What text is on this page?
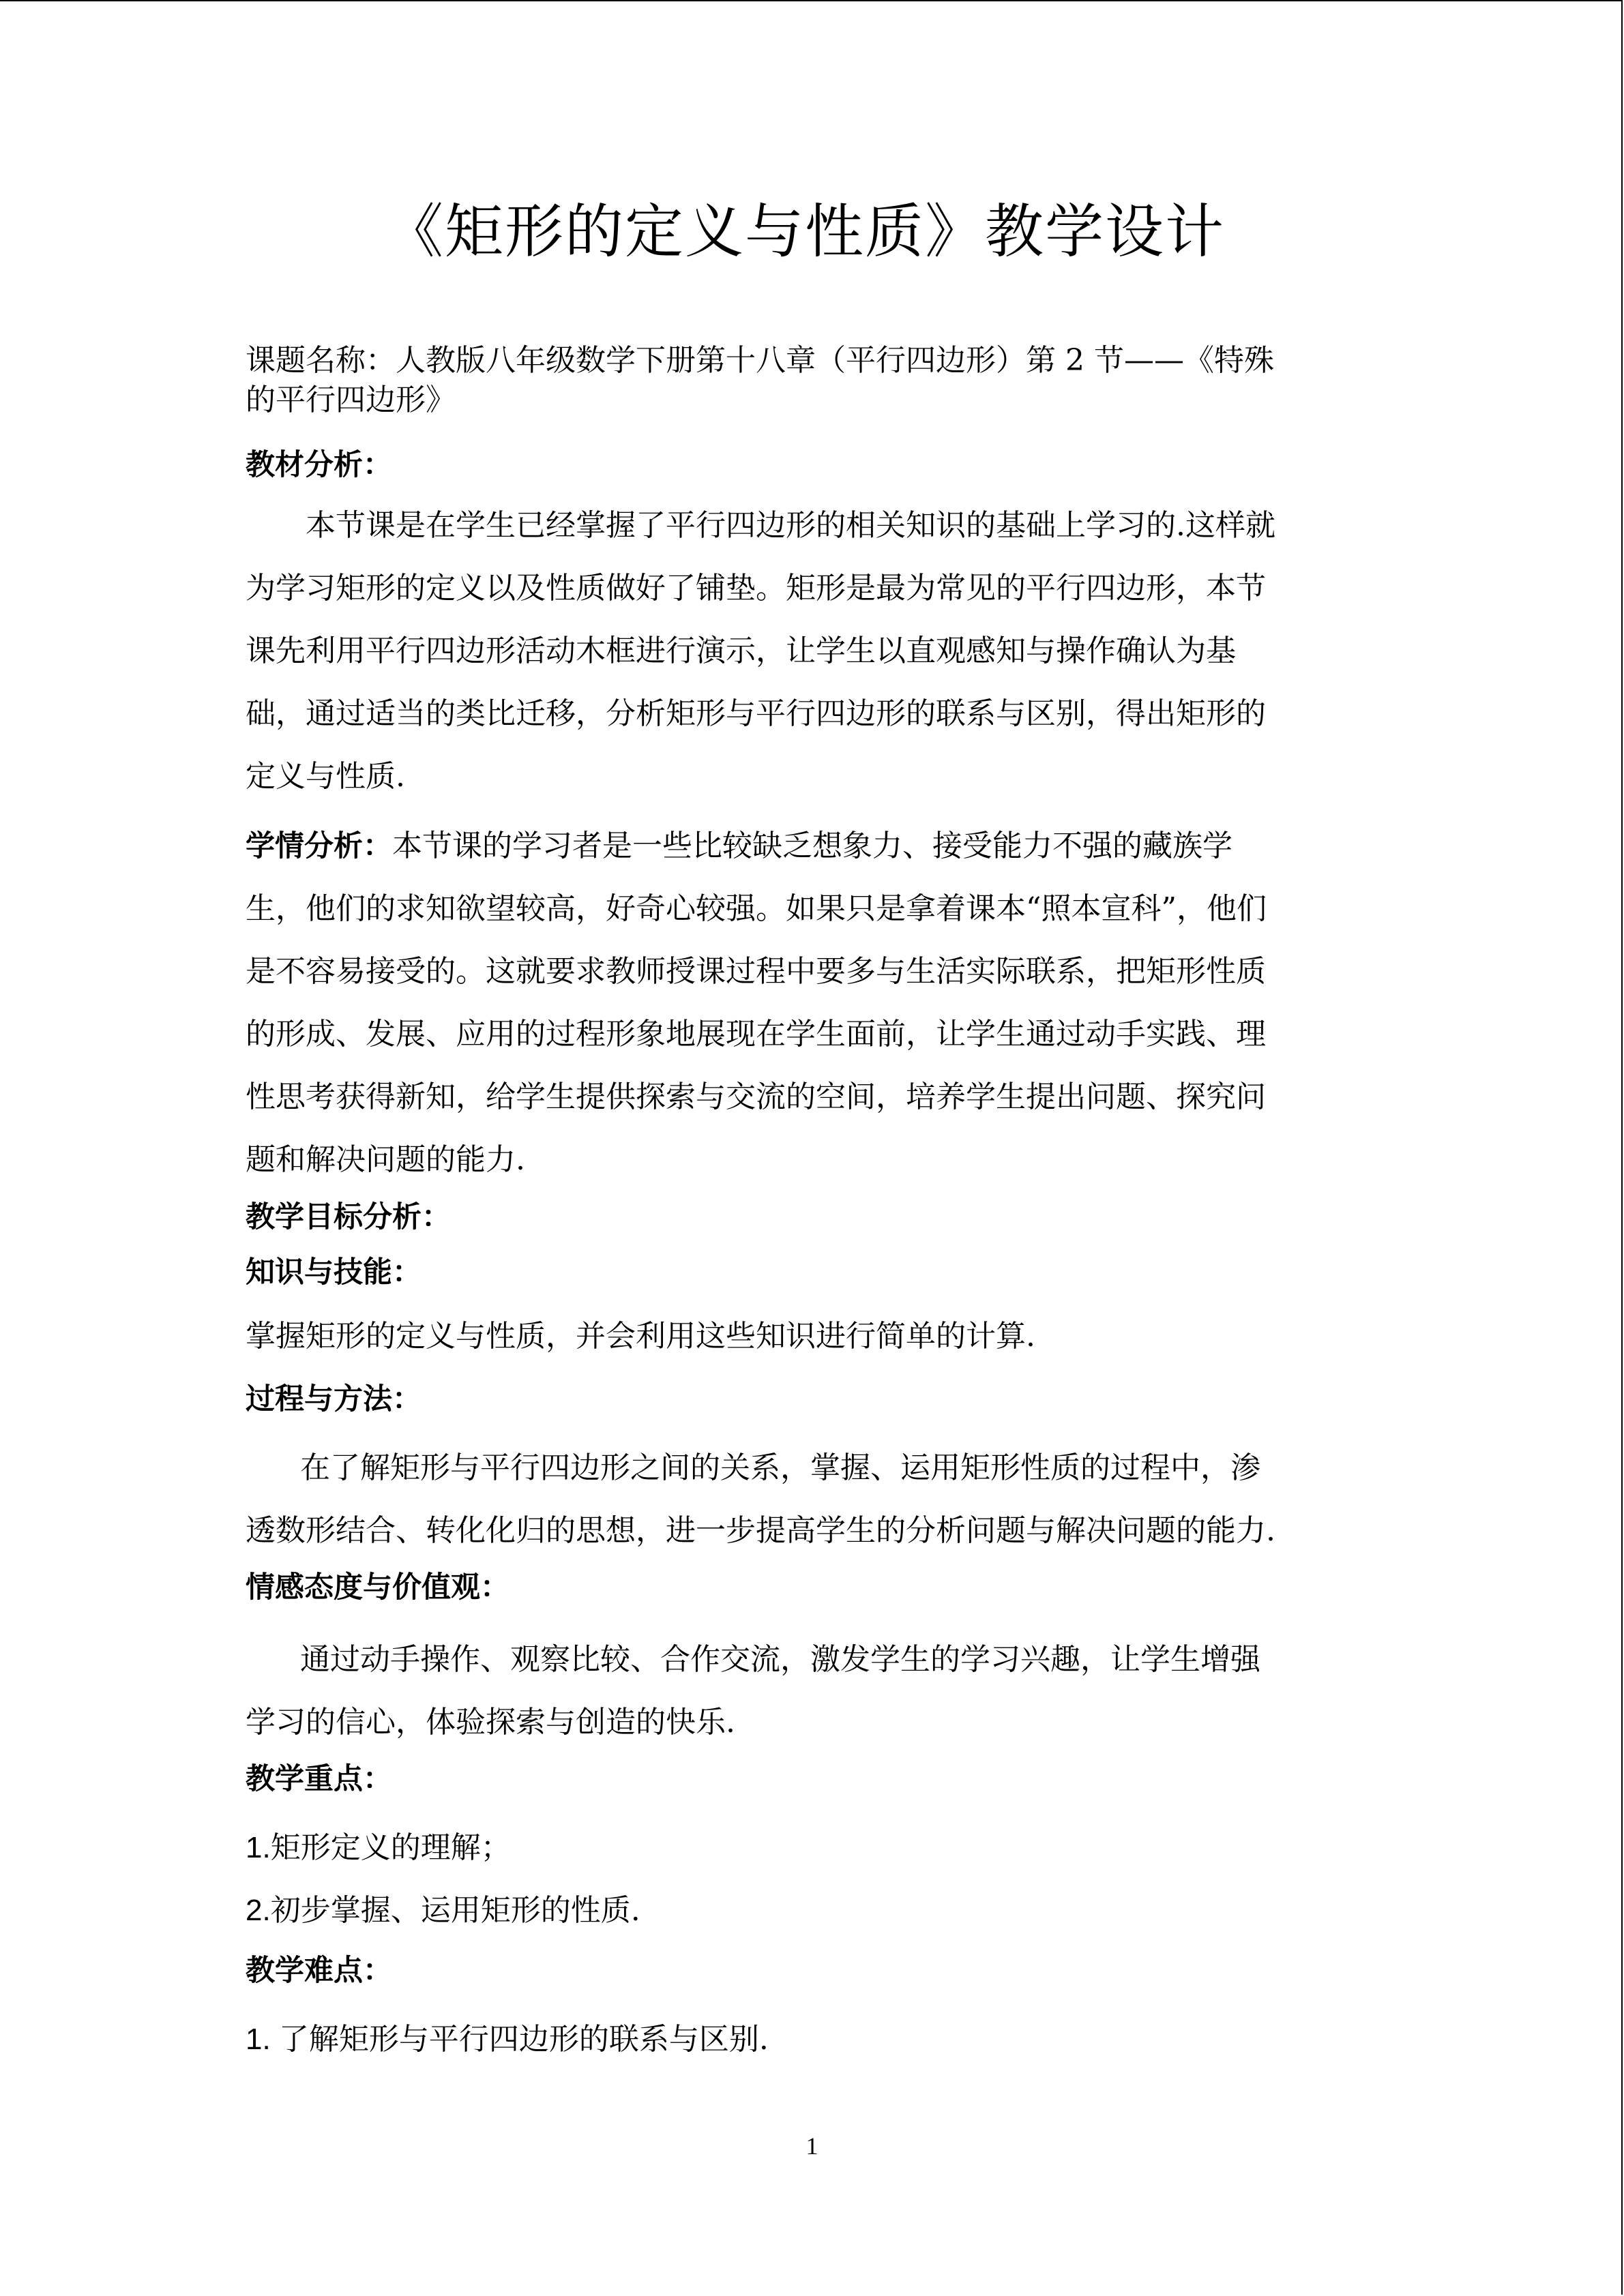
《矩形的定义与性质》教学设计
课题名称：人教版八年级数学下册第十八章（平行四边形）第 2 节——《特殊
的平行四边形》
教材分析：
本节课是在学生已经掌握了平行四边形的相关知识的基础上学习的.这样就
为学习矩形的定义以及性质做好了铺垫。矩形是最为常见的平行四边形，本节
课先利用平行四边形活动木框进行演示，让学生以直观感知与操作确认为基
础，通过适当的类比迁移，分析矩形与平行四边形的联系与区别，得出矩形的
定义与性质.
学情分析：本节课的学习者是一些比较缺乏想象力、接受能力不强的藏族学
生，他们的求知欲望较高，好奇心较强。如果只是拿着课本“照本宣科”，他们
是不容易接受的。这就要求教师授课过程中要多与生活实际联系，把矩形性质
的形成、发展、应用的过程形象地展现在学生面前，让学生通过动手实践、理
性思考获得新知，给学生提供探索与交流的空间，培养学生提出问题、探究问
题和解决问题的能力.
教学目标分析：
知识与技能：
掌握矩形的定义与性质，并会利用这些知识进行简单的计算.
过程与方法：
在了解矩形与平行四边形之间的关系，掌握、运用矩形性质的过程中，渗
透数形结合、转化化归的思想，进一步提高学生的分析问题与解决问题的能力.
情感态度与价值观：
通过动手操作、观察比较、合作交流，激发学生的学习兴趣，让学生增强
学习的信心，体验探索与创造的快乐.
教学重点：
1.矩形定义的理解；
2.初步掌握、运用矩形的性质.
教学难点：
1. 了解矩形与平行四边形的联系与区别.
1
